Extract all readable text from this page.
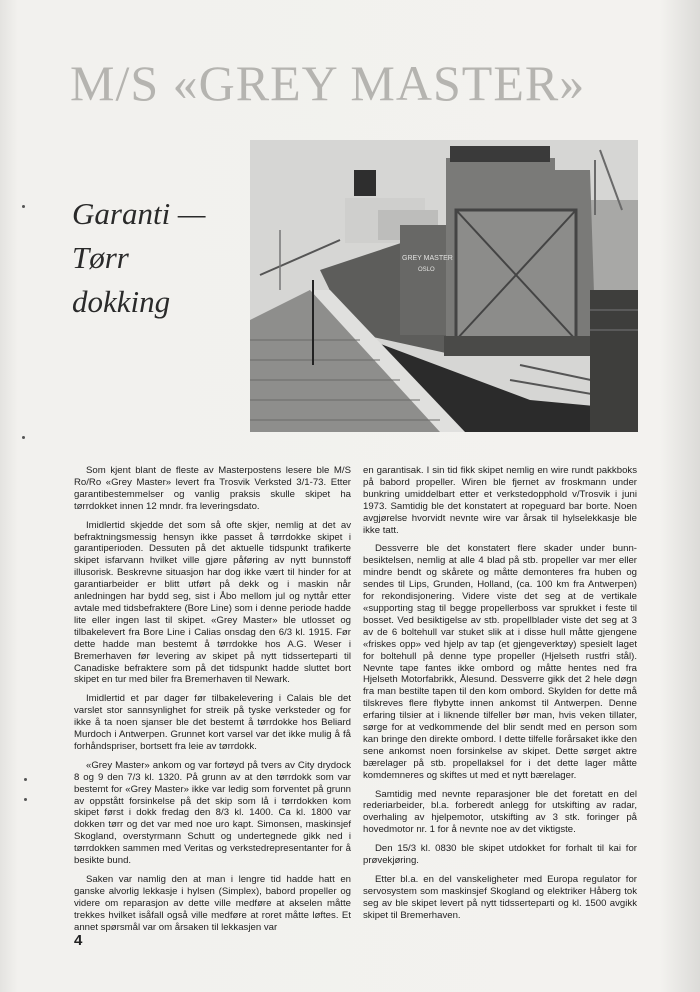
M/S «GREY MASTER»
Garanti —
Tørr
dokking
GREY MASTER
OSLO

Som kjent blant de fleste av Masterpostens lesere ble M/S Ro/Ro «Grey Master» levert fra Trosvik Verksted 3/1-73. Etter garantibestemmelser og vanlig praksis skulle skipet ha tørrdokket innen 12 mndr. fra leveringsdato.

Imidlertid skjedde det som så ofte skjer, nemlig at det av befraktningsmessig hensyn ikke passet å tørrdokke skipet i garantiperioden. Dessuten på det aktuelle tidspunkt trafikerte skipet isfarvann hvilket ville gjøre påføring av nytt bunnstoff illusorisk. Beskrevne situasjon har dog ikke vært til hinder for at garantiarbeider er blitt utført på dekk og i maskin når anledningen har bydd seg, sist i Åbo mellom jul og nyttår etter avtale med tidsbefraktere (Bore Line) som i denne periode hadde lite eller ingen last til skipet. «Grey Master» ble utlosset og tilbakelevert fra Bore Line i Calias onsdag den 6/3 kl. 1915. Før dette hadde man bestemt å tørrdokke hos A.G. Weser i Bremerhaven før levering av skipet på nytt tidsserteparti til Canadiske befraktere som på det tidspunkt hadde sluttet bort skipet en tur med biler fra Bremerhaven til Newark.

Imidlertid et par dager før tilbakelevering i Calais ble det varslet stor sannsynlighet for streik på tyske verksteder og for ikke å ta noen sjanser ble det bestemt å tørrdokke hos Beliard Murdoch i Antwerpen. Grunnet kort varsel var det ikke mulig å få forhåndspriser, bortsett fra leie av tørrdokk.

«Grey Master» ankom og var fortøyd på tvers av City drydock 8 og 9 den 7/3 kl. 1320. På grunn av at den tørrdokk som var bestemt for «Grey Master» ikke var ledig som forventet på grunn av oppstått forsinkelse på det skip som lå i tørrdokken kom skipet først i dokk fredag den 8/3 kl. 1400. Ca kl. 1800 var dokken tørr og det var med noe uro kapt. Simonsen, maskinsjef Skogland, overstyrmann Schutt og undertegnede gikk ned i tørrdokken sammen med Veritas og verkstedrepresentanter for å besikte bund.

Saken var namlig den at man i lengre tid hadde hatt en ganske alvorlig lekkasje i hylsen (Simplex), babord propeller og videre om reparasjon av dette ville medføre at akselen måtte trekkes hvilket isåfall også ville medføre at roret måtte løftes. Et annet spørsmål var om årsaken til lekkasjen var

en garantisak. I sin tid fikk skipet nemlig en wire rundt pakkboks på babord propeller. Wiren ble fjernet av froskmann under bunkring umiddelbart etter et verkstedopphold v/Trosvik i juni 1973. Samtidig ble det konstatert at ropeguard bar borte. Noen avgjørelse hvorvidt nevnte wire var årsak til hylselekkasje ble ikke tatt.

Dessverre ble det konstatert flere skader under bunn-besiktelsen, nemlig at alle 4 blad på stb. propeller var mer eller mindre bendt og skårete og måtte demonteres fra huben og sendes til Lips, Grunden, Holland, (ca. 100 km fra Antwerpen) for rekondisjonering. Videre viste det seg at de vertikale «supporting stag til begge propellerboss var sprukket i feste til bosset. Ved besiktigelse av stb. propellblader viste det seg at 3 av de 6 boltehull var stuket slik at i disse hull måtte gjengene «friskes opp» ved hjelp av tap (et gjengeverktøy) spesielt laget for boltehull på denne type propeller (Hjelseth rustfri stål). Nevnte tape fantes ikke ombord og måtte hentes ned fra Hjelseth Motorfabrikk, Ålesund. Dessverre gikk det 2 hele døgn fra man bestilte tapen til den kom ombord. Skylden for dette må tilskreves flere flybytte innen ankomst til Antwerpen. Denne erfaring tilsier at i liknende tilfeller bør man, hvis veken tillater, sørge for at vedkommende del blir sendt med en person som kan bringe den direkte ombord. I dette tilfelle forårsaket ikke den sene ankomst noen forsinkelse av skipet. Dette sørget aktre bærelager på stb. propellaksel for i det dette lager måtte komdemneres og skiftes ut med et nytt bærelager.

Samtidig med nevnte reparasjoner ble det foretatt en del rederiarbeider, bl.a. forberedt anlegg for utskifting av radar, overhaling av hjelpemotor, utskifting av 3 stk. foringer på hovedmotor nr. 1 for å nevnte noe av det viktigste.

Den 15/3 kl. 0830 ble skipet utdokket for forhalt til kai for prøvekjøring.

Etter bl.a. en del vanskeligheter med Europa regulator for servosystem som maskinsjef Skogland og elektriker Håberg tok seg av ble skipet levert på nytt tidsserteparti og kl. 1500 avgikk skipet til Bremerhaven.

4
